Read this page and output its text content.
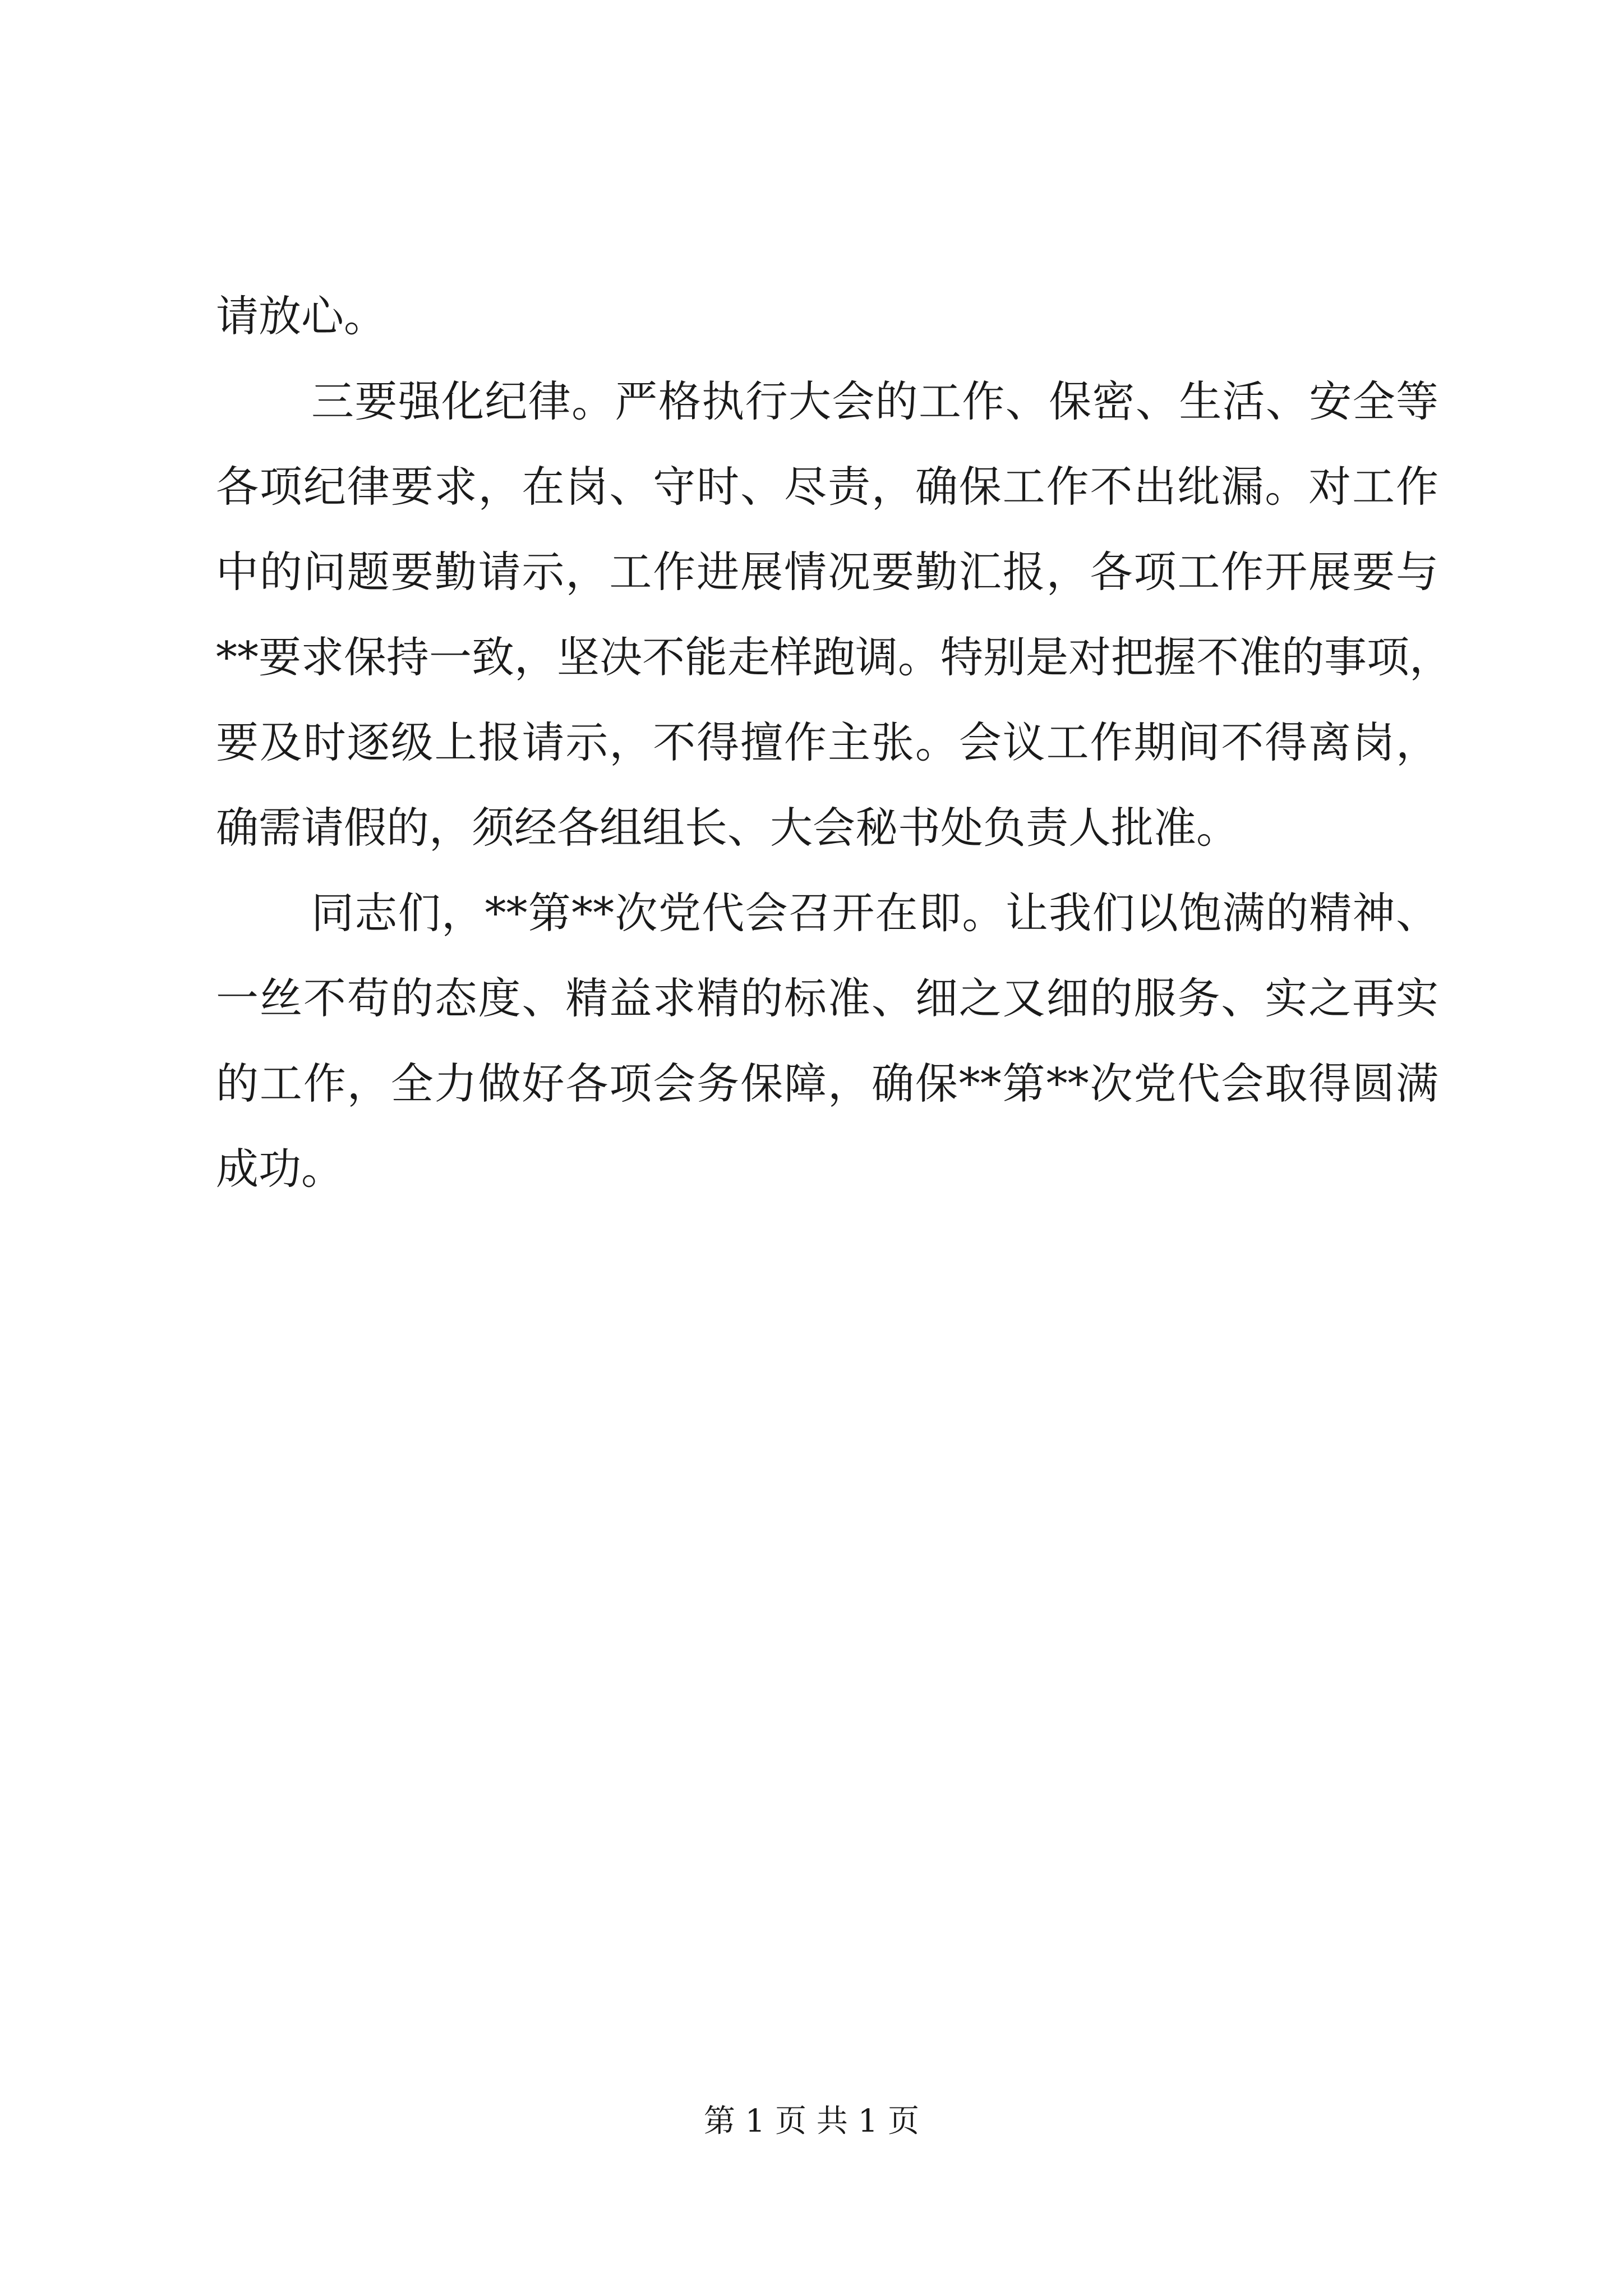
请放心。
三要强化纪律。严格执行大会的工作、保密、生活、安全等
各项纪律要求，在岗、守时、尽责，确保工作不出纰漏。对工作
中的问题要勤请示，工作进展情况要勤汇报，各项工作开展要与
**要求保持一致，坚决不能走样跑调。特别是对把握不准的事项，
要及时逐级上报请示，不得擅作主张。会议工作期间不得离岗，
确需请假的，须经各组组长、大会秘书处负责人批准。
同志们，**第**次党代会召开在即。让我们以饱满的精神、
一丝不苟的态度、精益求精的标准、细之又细的服务、实之再实
的工作，全力做好各项会务保障，确保**第**次党代会取得圆满
成功。
第 1 页 共 1 页
